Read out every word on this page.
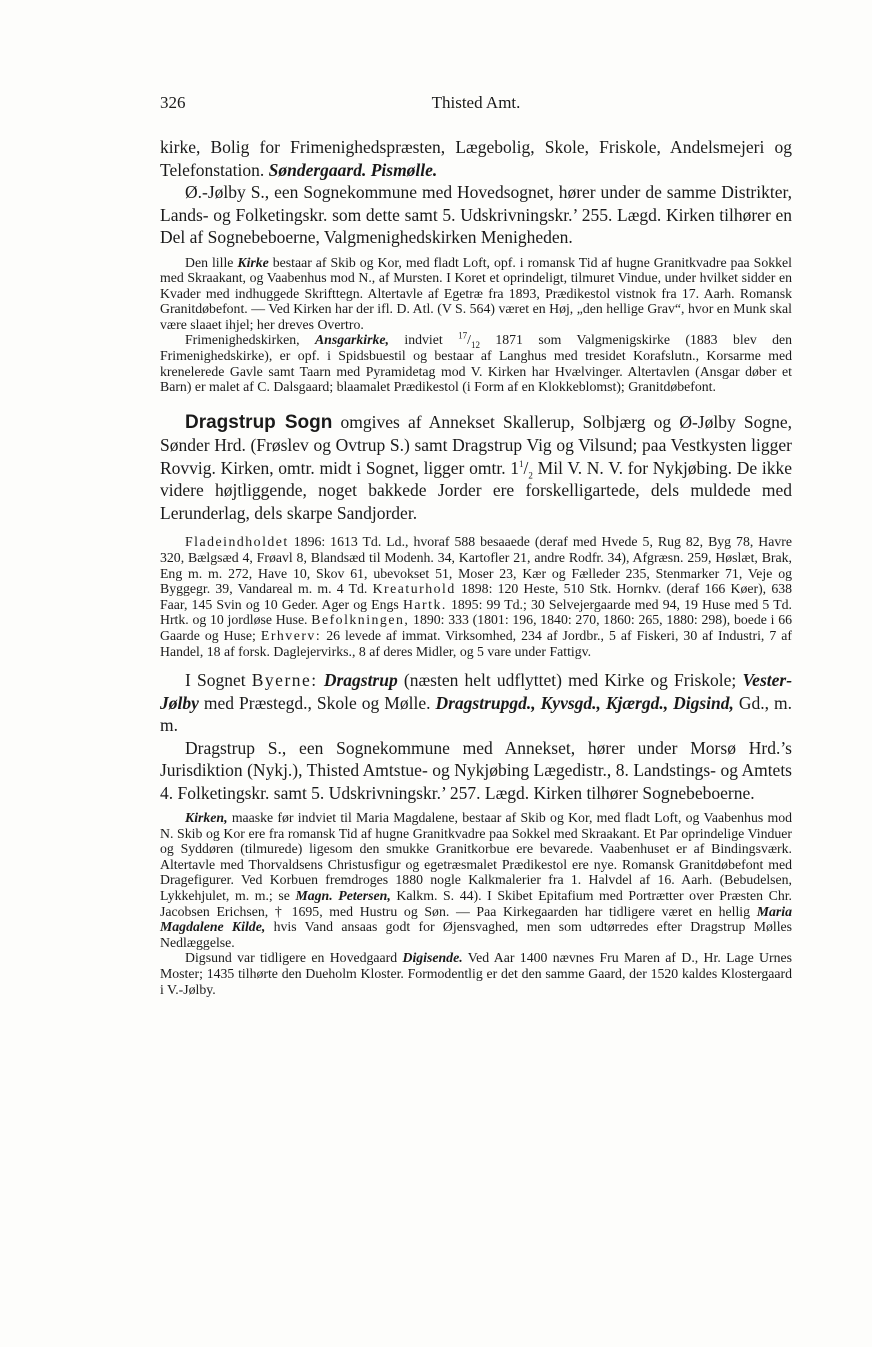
326	Thisted Amt.

kirke, Bolig for Frimenighedspræsten, Lægebolig, Skole, Friskole, Andelsmejeri og Telefonstation. Søndergaard. Pismølle.

Ø.-Jølby S., een Sognekommune med Hovedsognet, hører under de samme Distrikter, Lands- og Folketingskr. som dette samt 5. Udskrivningskr.’ 255. Lægd. Kirken tilhører en Del af Sognebeboerne, Valgmenighedskirken Menigheden.

Den lille Kirke bestaar af Skib og Kor, med fladt Loft, opf. i romansk Tid af hugne Granitkvadre paa Sokkel med Skraakant, og Vaabenhus mod N., af Mursten. I Koret et oprindeligt, tilmuret Vindue, under hvilket sidder en Kvader med indhuggede Skrifttegn. Altertavle af Egetræ fra 1893, Prædikestol vistnok fra 17. Aarh. Romansk Granitdøbefont. — Ved Kirken har der ifl. D. Atl. (V S. 564) været en Høj, „den hellige Grav“, hvor en Munk skal være slaaet ihjel; her dreves Overtro.

Frimenighedskirken, Ansgarkirke, indviet $^{17}/_{12}$ 1871 som Valgmenigskirke (1883 blev den Frimenighedskirke), er opf. i Spidsbuestil og bestaar af Langhus med tresidet Korafslutn., Korsarme med krenelerede Gavle samt Taarn med Pyramidetag mod V. Kirken har Hvælvinger. Altertavlen (Ansgar døber et Barn) er malet af C. Dalsgaard; blaamalet Prædikestol (i Form af en Klokkeblomst); Granitdøbefont.

Dragstrup Sogn omgives af Annekset Skallerup, Solbjærg og Ø-Jølby Sogne, Sønder Hrd. (Frøslev og Ovtrup S.) samt Dragstrup Vig og Vilsund; paa Vestkysten ligger Rovvig. Kirken, omtr. midt i Sognet, ligger omtr. $1^1/_2$ Mil V. N. V. for Nykjøbing. De ikke videre højtliggende, noget bakkede Jorder ere forskelligartede, dels muldede med Lerunderlag, dels skarpe Sandjorder.

Fladeindholdet 1896: 1613 Td. Ld., hvoraf 588 besaaede (deraf med Hvede 5, Rug 82, Byg 78, Havre 320, Bælgsæd 4, Frøavl 8, Blandsæd til Modenh. 34, Kartofler 21, andre Rodfr. 34), Afgræsn. 259, Høslæt, Brak, Eng m. m. 272, Have 10, Skov 61, ubevokset 51, Moser 23, Kær og Fælleder 235, Stenmarker 71, Veje og Byggegr. 39, Vandareal m. m. 4 Td. Kreaturhold 1898: 120 Heste, 510 Stk. Hornkv. (deraf 166 Køer), 638 Faar, 145 Svin og 10 Geder. Ager og Engs Hartk. 1895: 99 Td.; 30 Selvejergaarde med 94, 19 Huse med 5 Td. Hrtk. og 10 jordløse Huse. Befolkningen, 1890: 333 (1801: 196, 1840: 270, 1860: 265, 1880: 298), boede i 66 Gaarde og Huse; Erhverv: 26 levede af immat. Virksomhed, 234 af Jordbr., 5 af Fiskeri, 30 af Industri, 7 af Handel, 18 af forsk. Daglejervirks., 8 af deres Midler, og 5 vare under Fattigv.

I Sognet Byerne: Dragstrup (næsten helt udflyttet) med Kirke og Friskole; Vester-Jølby med Præstegd., Skole og Mølle. Dragstrupgd., Kyvsgd., Kjærgd., Digsind, Gd., m. m.

Dragstrup S., een Sognekommune med Annekset, hører under Morsø Hrd.’s Jurisdiktion (Nykj.), Thisted Amtstue- og Nykjøbing Lægedistr., 8. Landstings- og Amtets 4. Folketingskr. samt 5. Udskrivningskr.’ 257. Lægd. Kirken tilhører Sognebeboerne.

Kirken, maaske før indviet til Maria Magdalene, bestaar af Skib og Kor, med fladt Loft, og Vaabenhus mod N. Skib og Kor ere fra romansk Tid af hugne Granitkvadre paa Sokkel med Skraakant. Et Par oprindelige Vinduer og Syddøren (tilmurede) ligesom den smukke Granitkorbue ere bevarede. Vaabenhuset er af Bindingsværk. Altertavle med Thorvaldsens Christusfigur og egetræsmalet Prædikestol ere nye. Romansk Granitdøbefont med Dragefigurer. Ved Korbuen fremdroges 1880 nogle Kalkmalerier fra 1. Halvdel af 16. Aarh. (Bebudelsen, Lykkehjulet, m. m.; se Magn. Petersen, Kalkm. S. 44). I Skibet Epitafium med Portrætter over Præsten Chr. Jacobsen Erichsen, † 1695, med Hustru og Søn. — Paa Kirkegaarden har tidligere været en hellig Maria Magdalene Kilde, hvis Vand ansaas godt for Øjensvaghed, men som udtørredes efter Dragstrup Mølles Nedlæggelse.

Digsund var tidligere en Hovedgaard Digisende. Ved Aar 1400 nævnes Fru Maren af D., Hr. Lage Urnes Moster; 1435 tilhørte den Dueholm Kloster. Formodentlig er det den samme Gaard, der 1520 kaldes Klostergaard i V.-Jølby.
